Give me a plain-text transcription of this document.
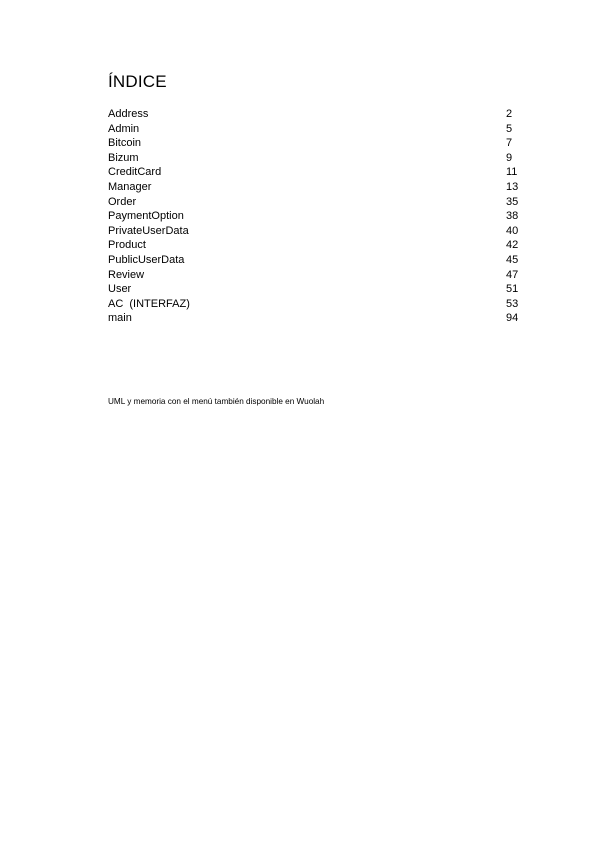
ÍNDICE
Address	2
Admin	5
Bitcoin	7
Bizum	9
CreditCard	11
Manager	13
Order	35
PaymentOption	38
PrivateUserData	40
Product	42
PublicUserData	45
Review	47
User	51
AC  (INTERFAZ)	53
main	94

UML y memoria con el menú también disponible en Wuolah
